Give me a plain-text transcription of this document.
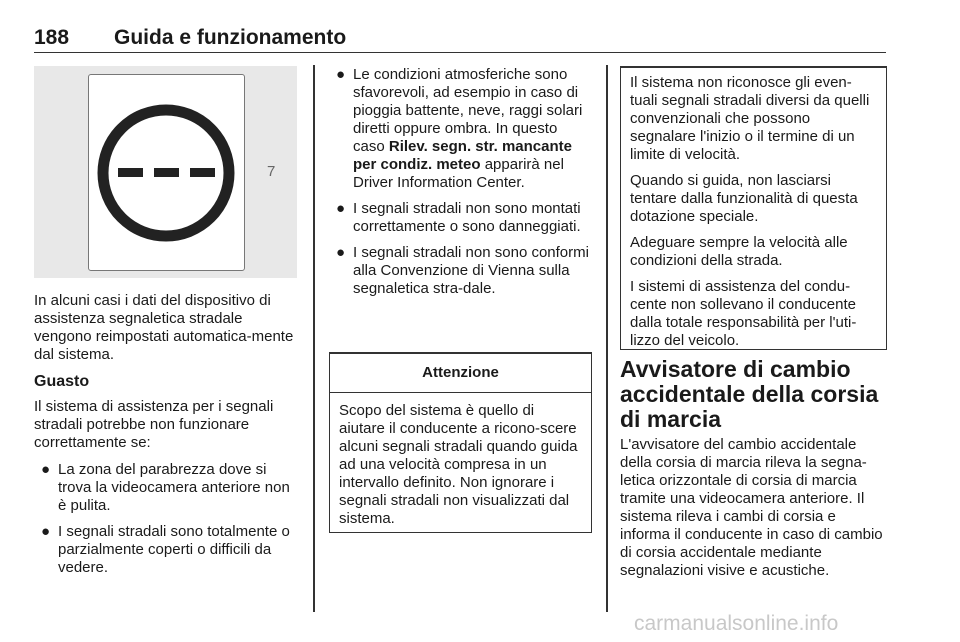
188 Guida e funzionamento
7

In alcuni casi i dati del dispositivo di assistenza segnaletica stradale vengono reimpostati automatica‐mente dal sistema.

Guasto

Il sistema di assistenza per i segnali stradali potrebbe non funzionare correttamente se:

● La zona del parabrezza dove si trova la videocamera anteriore non è pulita.
● I segnali stradali sono totalmente o parzialmente coperti o difficili da vedere.
● Le condizioni atmosferiche sono sfavorevoli, ad esempio in caso di pioggia battente, neve, raggi solari diretti oppure ombra. In questo caso Rilev. segn. str. mancante per condiz. meteo apparirà nel Driver Information Center.
● I segnali stradali non sono montati correttamente o sono danneggiati.
● I segnali stradali non sono conformi alla Convenzione di Vienna sulla segnaletica stra‐dale.
Attenzione
Scopo del sistema è quello di aiutare il conducente a ricono‐scere alcuni segnali stradali quando guida ad una velocità compresa in un intervallo definito. Non ignorare i segnali stradali non visualizzati dal sistema.

Il sistema non riconosce gli even‐tuali segnali stradali diversi da quelli convenzionali che possono segnalare l'inizio o il termine di un limite di velocità.

Quando si guida, non lasciarsi tentare dalla funzionalità di questa dotazione speciale.

Adeguare sempre la velocità alle condizioni della strada.

I sistemi di assistenza del condu‐cente non sollevano il conducente dalla totale responsabilità per l'uti‐lizzo del veicolo.

Avvisatore di cambio accidentale della corsia di marcia
L'avvisatore del cambio accidentale della corsia di marcia rileva la segna‐letica orizzontale di corsia di marcia tramite una videocamera anteriore. Il sistema rileva i cambi di corsia e informa il conducente in caso di cambio di corsia accidentale mediante segnalazioni visive e acustiche.
carmanualsonline.info
